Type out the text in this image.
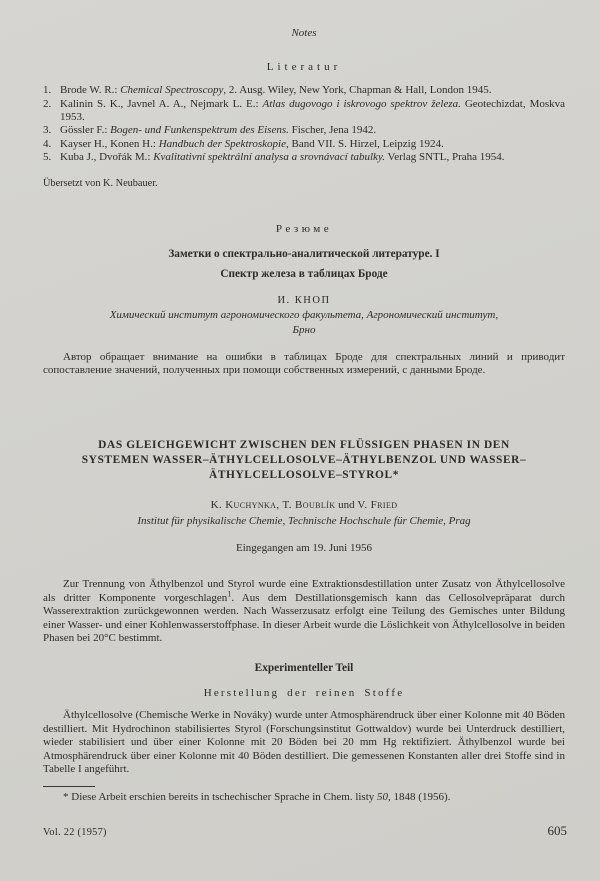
Notes
Literatur
1. Brode W. R.: Chemical Spectroscopy, 2. Ausg. Wiley, New York, Chapman & Hall, London 1945.
2. Kalinin S. K., Javnel A. A., Nejmark L. E.: Atlas dugovogo i iskrovogo spektrov železa. Geotechizdat, Moskva 1953.
3. Gössler F.: Bogen- und Funkenspektrum des Eisens. Fischer, Jena 1942.
4. Kayser H., Konen H.: Handbuch der Spektroskopie, Band VII. S. Hirzel, Leipzig 1924.
5. Kuba J., Dvořák M.: Kvalitativní spektrální analysa a srovnávací tabulky. Verlag SNTL, Praha 1954.
Übersetzt von K. Neubauer.
Резюме
Заметки о спектрально-аналитической литературе. I
Спектр железа в таблицах Броде
И. КНОП
Химический институт агрономического факультета, Агрономический институт,
Брно
Автор обращает внимание на ошибки в таблицах Броде для спектральных линий и приводит сопоставление значений, полученных при помощи собственных измерений, с данными Броде.
DAS GLEICHGEWICHT ZWISCHEN DEN FLÜSSIGEN PHASEN IN DEN
SYSTEMEN WASSER–ÄTHYLCELLOSOLVE–ÄTHYLBENZOL UND WASSER–
ÄTHYLCELLOSOLVE–STYROL*
K. Kuchynka, T. Boublík und V. Fried
Institut für physikalische Chemie, Technische Hochschule für Chemie, Prag
Eingegangen am 19. Juni 1956
Zur Trennung von Äthylbenzol und Styrol wurde eine Extraktionsdestillation unter Zusatz von Äthylcellosolve als dritter Komponente vorgeschlagen$^1$. Aus dem Destillationsgemisch kann das Cellosolvepräparat durch Wasserextraktion zurückgewonnen werden. Nach Wasserzusatz erfolgt eine Teilung des Gemisches unter Bildung einer Wasser- und einer Kohlenwasserstoffphase. In dieser Arbeit wurde die Löslichkeit von Äthylcellosolve in beiden Phasen bei 20°C bestimmt.
Experimenteller Teil
Herstellung der reinen Stoffe
Äthylcellosolve (Chemische Werke in Nováky) wurde unter Atmosphärendruck über einer Kolonne mit 40 Böden destilliert. Mit Hydrochinon stabilisiertes Styrol (Forschungsinstitut Gottwaldov) wurde bei Unterdruck destilliert, wieder stabilisiert und über einer Kolonne mit 20 Böden bei 20 mm Hg rektifiziert. Äthylbenzol wurde bei Atmosphärendruck über einer Kolonne mit 40 Böden destilliert. Die gemessenen Konstanten aller drei Stoffe sind in Tabelle I angeführt.
* Diese Arbeit erschien bereits in tschechischer Sprache in Chem. listy 50, 1848 (1956).
Vol. 22 (1957)	605
